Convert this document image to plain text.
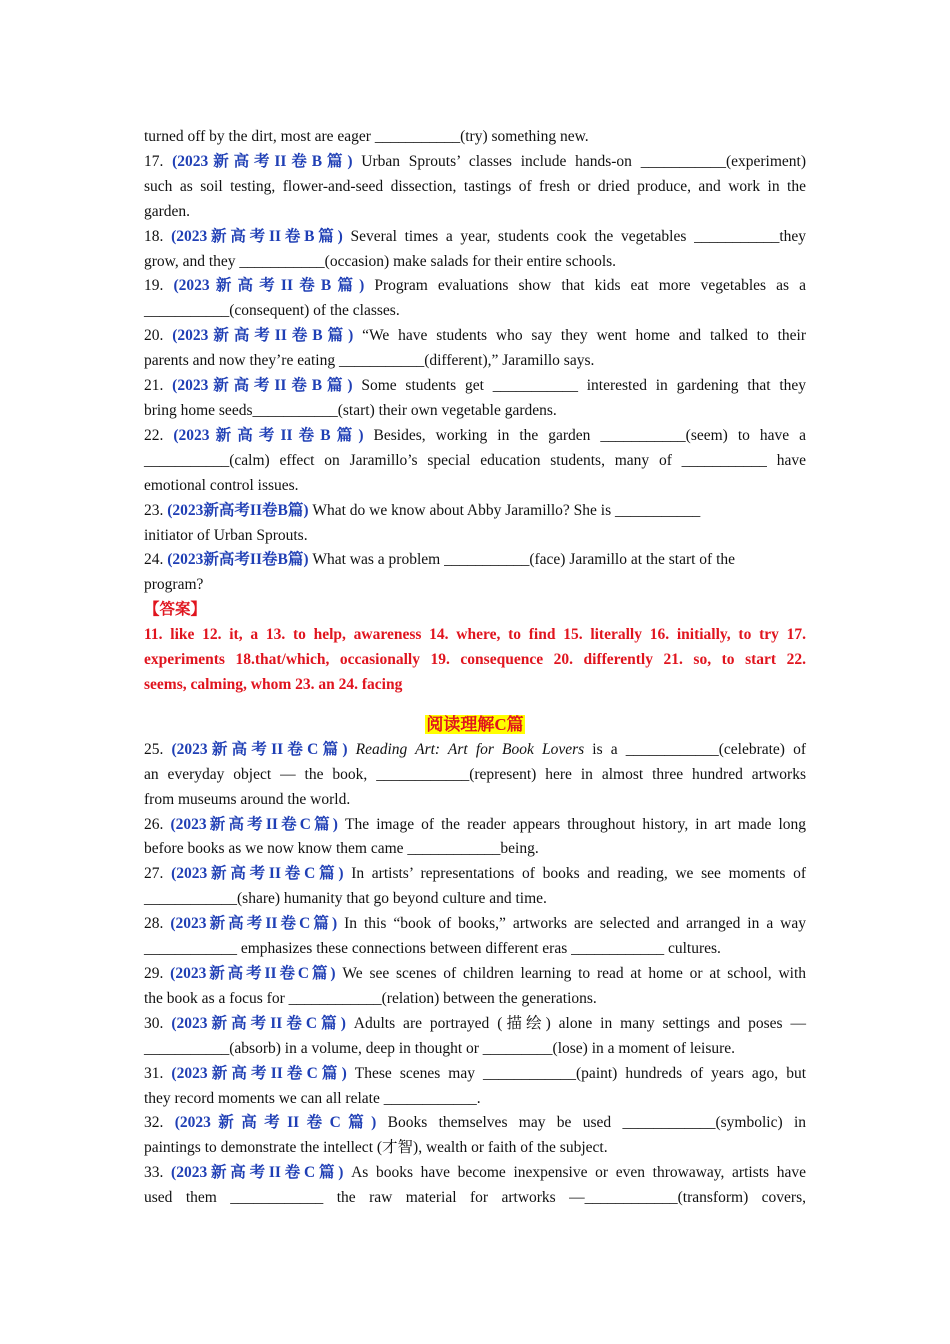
turned off by the dirt, most are eager ___________(try) something new.
17. (2023新高考II卷B篇) Urban Sprouts’ classes include hands-on ___________(experiment)
such as soil testing, flower-and-seed dissection, tastings of fresh or dried produce, and work in the
garden.
18. (2023新高考II卷B篇) Several times a year, students cook the vegetables ___________they
grow, and they ___________(occasion) make salads for their entire schools.
19. (2023新高考II卷B篇) Program evaluations show that kids eat more vegetables as a
___________(consequent) of the classes.
20. (2023新高考II卷B篇) “We have students who say they went home and talked to their
parents and now they’re eating ___________(different),” Jaramillo says.
21. (2023新高考II卷B篇) Some students get ___________ interested in gardening that they
bring home seeds___________(start) their own vegetable gardens.
22. (2023新高考II卷B篇) Besides, working in the garden ___________(seem) to have a
___________(calm) effect on Jaramillo’s special education students, many of ___________ have
emotional control issues.
23. (2023新高考II卷B篇) What do we know about Abby Jaramillo? She is ___________
initiator of Urban Sprouts.
24. (2023新高考II卷B篇) What was a problem ___________(face) Jaramillo at the start of the
program?
【答案】
11. like 12. it, a 13. to help, awareness 14. where, to find 15. literally 16. initially, to try 17.
experiments 18.that/which, occasionally 19. consequence 20. differently 21. so, to start 22.
seems, calming, whom 23. an 24. facing
阅读理解C篇
25. (2023新高考II卷C篇) Reading Art: Art for Book Lovers is a ____________(celebrate) of
an everyday object — the book, ____________(represent) here in almost three hundred artworks
from museums around the world.
26. (2023新高考II卷C篇) The image of the reader appears throughout history, in art made long
before books as we now know them came ____________being.
27. (2023新高考II卷C篇) In artists’ representations of books and reading, we see moments of
____________(share) humanity that go beyond culture and time.
28. (2023新高考II卷C篇) In this “book of books,” artworks are selected and arranged in a way
____________ emphasizes these connections between different eras ____________ cultures.
29. (2023新高考II卷C篇) We see scenes of children learning to read at home or at school, with
the book as a focus for ____________(relation) between the generations.
30. (2023新高考II卷C篇) Adults are portrayed (描绘) alone in many settings and poses —
___________(absorb) in a volume, deep in thought or _________(lose) in a moment of leisure.
31. (2023新高考II卷C篇) These scenes may ____________(paint) hundreds of years ago, but
they record moments we can all relate ____________.
32. (2023新高考II卷C篇) Books themselves may be used ____________(symbolic) in
paintings to demonstrate the intellect (才智), wealth or faith of the subject.
33. (2023新高考II卷C篇) As books have become inexpensive or even throwaway, artists have
used them ____________ the raw material for artworks —____________(transform) covers,
